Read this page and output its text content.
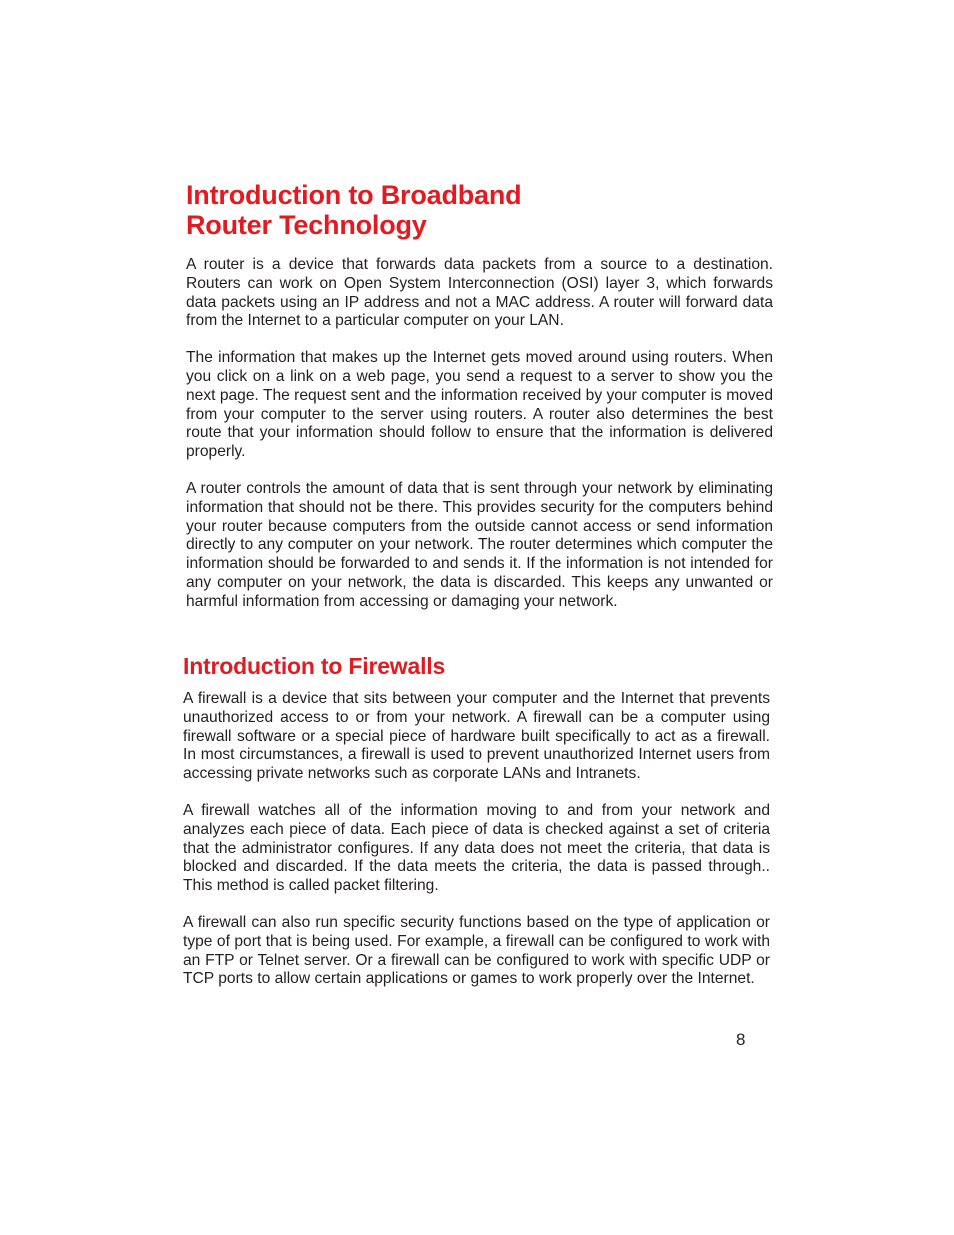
Introduction to Broadband Router Technology

A router is a device that forwards data packets from a source to a destination. Routers can work on Open System Interconnection (OSI) layer 3, which forwards data packets using an IP address and not a MAC address. A router will forward data from the Internet to a particular computer on your LAN.

The information that makes up the Internet gets moved around using routers. When you click on a link on a web page, you send a request to a server to show you the next page. The request sent and the information received by your computer is moved from your computer to the server using routers. A router also determines the best route that your information should follow to ensure that the information is delivered properly.

A router controls the amount of data that is sent through your network by eliminating information that should not be there. This provides security for the computers behind your router because computers from the outside cannot access or send information directly to any computer on your network. The router determines which computer the information should be forwarded to and sends it. If the information is not intended for any computer on your network, the data is discarded. This keeps any unwanted or harmful information from accessing or damaging your network.

Introduction to Firewalls

A firewall is a device that sits between your computer and the Internet that prevents unauthorized access to or from your network. A firewall can be a computer using firewall software or a special piece of hardware built specifically to act as a firewall. In most circumstances, a firewall is used to prevent unauthorized Internet users from accessing private networks such as corporate LANs and Intranets.

A firewall watches all of the information moving to and from your network and analyzes each piece of data. Each piece of data is checked against a set of criteria that the administrator configures. If any data does not meet the criteria, that data is blocked and discarded. If the data meets the criteria, the data is passed through.. This method is called packet filtering.

A firewall can also run specific security functions based on the type of application or type of port that is being used. For example, a firewall can be configured to work with an FTP or Telnet server. Or a firewall can be configured to work with specific UDP or TCP ports to allow certain applications or games to work properly over the Internet.

8
